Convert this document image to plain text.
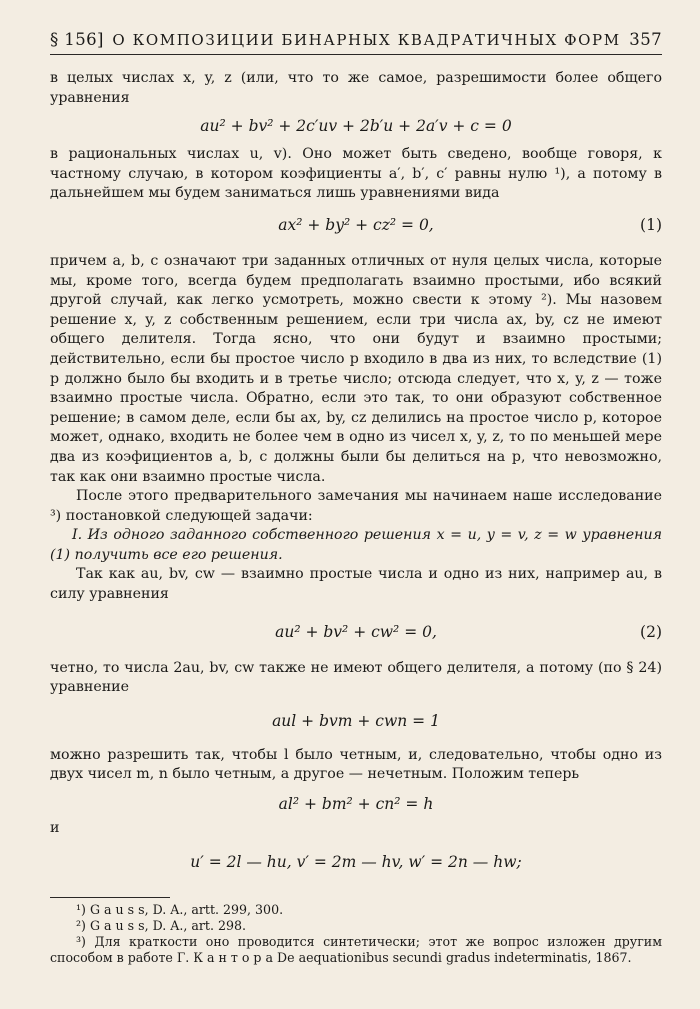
§ 156] О КОМПОЗИЦИИ БИНАРНЫХ КВАДРАТИЧНЫХ ФОРМ 357

в целых числах x, y, z (или, что то же самое, разрешимости более общего уравнения

au² + bv² + 2c′uv + 2b′u + 2a′v + c = 0

в рациональных числах u, v). Оно может быть сведено, вообще говоря, к частному случаю, в котором коэфициенты a′, b′, c′ равны нулю ¹), а потому в дальнейшем мы будем заниматься лишь уравнениями вида

ax² + by² + cz² = 0,	(1)

причем a, b, c означают три заданных отличных от нуля целых числа, которые мы, кроме того, всегда будем предполагать взаимно простыми, ибо всякий другой случай, как легко усмотреть, можно свести к этому ²). Мы назовем решение x, y, z собственным решением, если три числа ax, by, cz не имеют общего делителя. Тогда ясно, что они будут и взаимно простыми; действительно, если бы простое число p входило в два из них, то вследствие (1) p должно было бы входить и в третье число; отсюда следует, что x, y, z — тоже взаимно простые числа. Обратно, если это так, то они образуют собственное решение; в самом деле, если бы ax, by, cz делились на простое число p, которое может, однако, входить не более чем в одно из чисел x, y, z, то по меньшей мере два из коэфициентов a, b, c должны были бы делиться на p, что невозможно, так как они взаимно простые числа.

После этого предварительного замечания мы начинаем наше исследование ³) постановкой следующей задачи:

I. Из одного заданного собственного решения x = u, y = v, z = w уравнения (1) получить все его решения.

Так как au, bv, cw — взаимно простые числа и одно из них, например au, в силу уравнения

au² + bv² + cw² = 0,	(2)

четно, то числа 2au, bv, cw также не имеют общего делителя, а потому (по § 24) уравнение

aul + bvm + cwn = 1

можно разрешить так, чтобы l было четным, и, следовательно, чтобы одно из двух чисел m, n было четным, а другое — нечетным. Положим теперь

al² + bm² + cn² = h

и

u′ = 2l — hu, v′ = 2m — hv, w′ = 2n — hw;

¹) G a u s s, D. A., artt. 299, 300.

²) G a u s s, D. A., art. 298.

³) Для краткости оно проводится синтетически; этот же вопрос изложен другим способом в работе Г. К а н т о р а De aequationibus secundi gradus indeterminatis, 1867.
